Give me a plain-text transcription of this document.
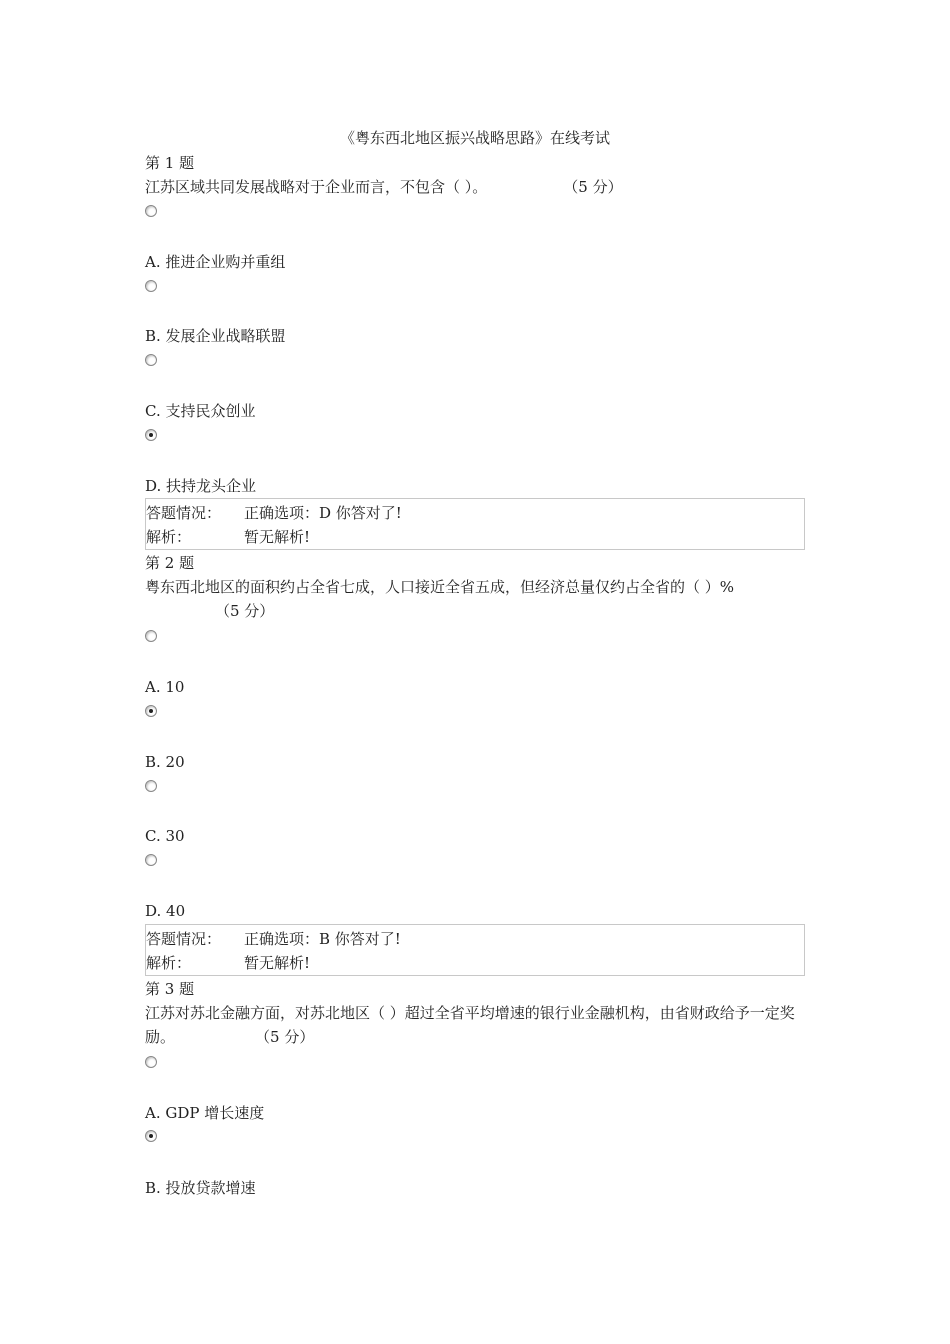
《粤东西北地区振兴战略思路》在线考试
第 1 题
江苏区域共同发展战略对于企业而言，不包含（ ）。	（5 分）
A. 推进企业购并重组
B. 发展企业战略联盟
C. 支持民众创业
D. 扶持龙头企业
答题情况：	正确选项：D 你答对了!
解析：	暂无解析!
第 2 题
粤东西北地区的面积约占全省七成，人口接近全省五成，但经济总量仅约占全省的（ ）%
（5 分）
A. 10
B. 20
C. 30
D. 40
答题情况：	正确选项：B 你答对了!
解析：	暂无解析!
第 3 题
江苏对苏北金融方面，对苏北地区（ ）超过全省平均增速的银行业金融机构，由省财政给予一定奖励。	（5 分）
A. GDP 增长速度
B. 投放贷款增速
